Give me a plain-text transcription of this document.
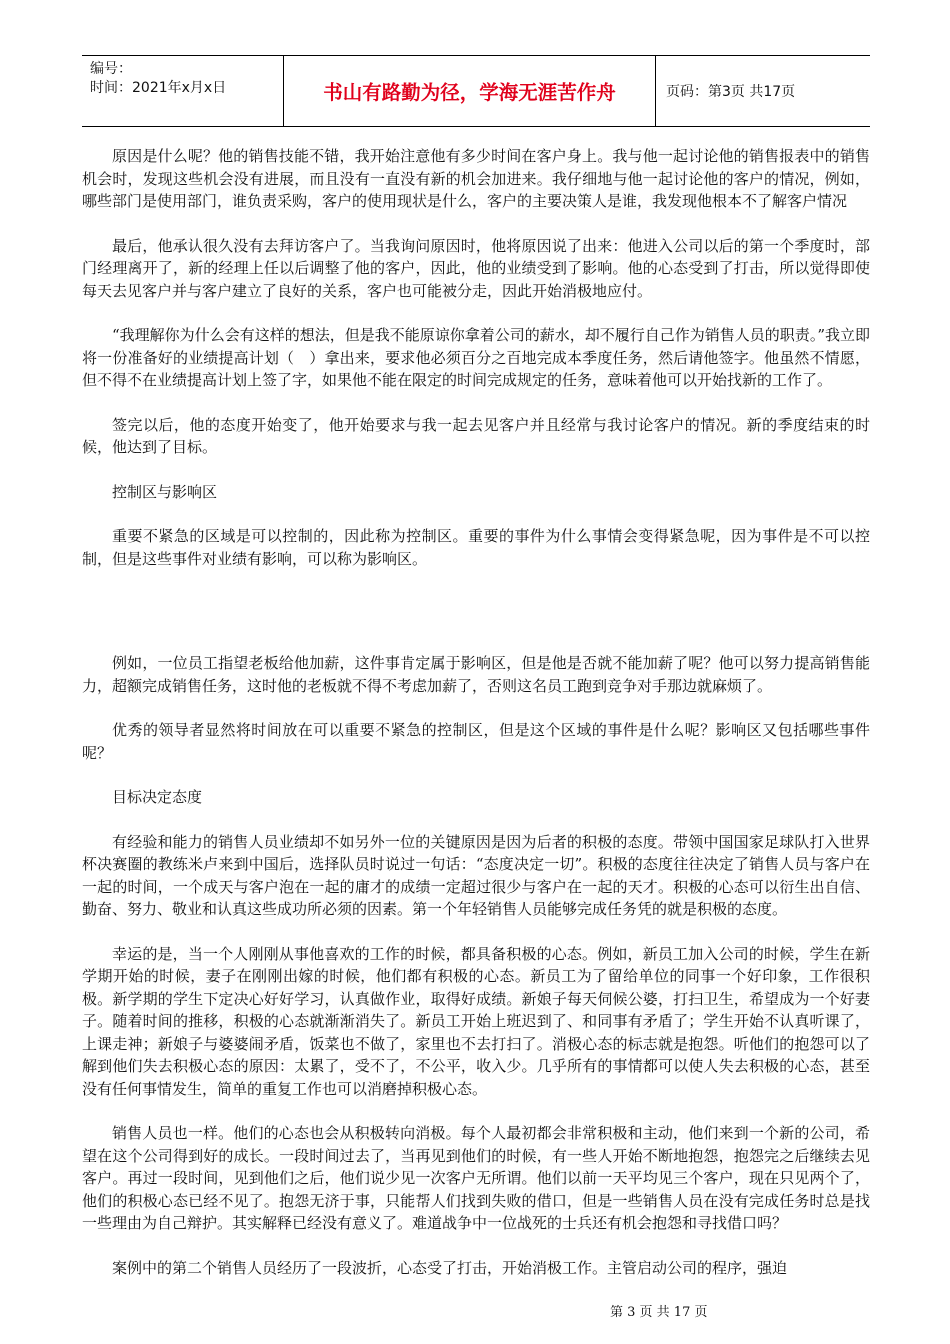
编号：
时间：2021年x月x日	书山有路勤为径，学海无涯苦作舟	页码：第3页 共17页

原因是什么呢？他的销售技能不错，我开始注意他有多少时间在客户身上。我与他一起讨论他的销售报表中的销售机会时，发现这些机会没有进展，而且没有一直没有新的机会加进来。我仔细地与他一起讨论他的客户的情况，例如，哪些部门是使用部门，谁负责采购，客户的使用现状是什么，客户的主要决策人是谁，我发现他根本不了解客户情况

最后，他承认很久没有去拜访客户了。当我询问原因时，他将原因说了出来：他进入公司以后的第一个季度时，部门经理离开了，新的经理上任以后调整了他的客户，因此，他的业绩受到了影响。他的心态受到了打击，所以觉得即使每天去见客户并与客户建立了良好的关系，客户也可能被分走，因此开始消极地应付。

“我理解你为什么会有这样的想法，但是我不能原谅你拿着公司的薪水，却不履行自己作为销售人员的职责。”我立即将一份准备好的业绩提高计划（　）拿出来，要求他必须百分之百地完成本季度任务，然后请他签字。他虽然不情愿，但不得不在业绩提高计划上签了字，如果他不能在限定的时间完成规定的任务，意味着他可以开始找新的工作了。

签完以后，他的态度开始变了，他开始要求与我一起去见客户并且经常与我讨论客户的情况。新的季度结束的时候，他达到了目标。

控制区与影响区

重要不紧急的区域是可以控制的，因此称为控制区。重要的事件为什么事情会变得紧急呢，因为事件是不可以控制，但是这些事件对业绩有影响，可以称为影响区。

例如，一位员工指望老板给他加薪，这件事肯定属于影响区，但是他是否就不能加薪了呢？他可以努力提高销售能力，超额完成销售任务，这时他的老板就不得不考虑加薪了，否则这名员工跑到竞争对手那边就麻烦了。

优秀的领导者显然将时间放在可以重要不紧急的控制区，但是这个区域的事件是什么呢？影响区又包括哪些事件呢？

目标决定态度

有经验和能力的销售人员业绩却不如另外一位的关键原因是因为后者的积极的态度。带领中国国家足球队打入世界杯决赛圈的教练米卢来到中国后，选择队员时说过一句话：“态度决定一切”。积极的态度往往决定了销售人员与客户在一起的时间，一个成天与客户泡在一起的庸才的成绩一定超过很少与客户在一起的天才。积极的心态可以衍生出自信、勤奋、努力、敬业和认真这些成功所必须的因素。第一个年轻销售人员能够完成任务凭的就是积极的态度。

幸运的是，当一个人刚刚从事他喜欢的工作的时候，都具备积极的心态。例如，新员工加入公司的时候，学生在新学期开始的时候，妻子在刚刚出嫁的时候，他们都有积极的心态。新员工为了留给单位的同事一个好印象，工作很积极。新学期的学生下定决心好好学习，认真做作业，取得好成绩。新娘子每天伺候公婆，打扫卫生，希望成为一个好妻子。随着时间的推移，积极的心态就渐渐消失了。新员工开始上班迟到了、和同事有矛盾了；学生开始不认真听课了，上课走神；新娘子与婆婆闹矛盾，饭菜也不做了，家里也不去打扫了。消极心态的标志就是抱怨。听他们的抱怨可以了解到他们失去积极心态的原因：太累了，受不了，不公平，收入少。几乎所有的事情都可以使人失去积极的心态，甚至没有任何事情发生，简单的重复工作也可以消磨掉积极心态。

销售人员也一样。他们的心态也会从积极转向消极。每个人最初都会非常积极和主动，他们来到一个新的公司，希望在这个公司得到好的成长。一段时间过去了，当再见到他们的时候，有一些人开始不断地抱怨，抱怨完之后继续去见客户。再过一段时间，见到他们之后，他们说少见一次客户无所谓。他们以前一天平均见三个客户，现在只见两个了，他们的积极心态已经不见了。抱怨无济于事，只能帮人们找到失败的借口，但是一些销售人员在没有完成任务时总是找一些理由为自己辩护。其实解释已经没有意义了。难道战争中一位战死的士兵还有机会抱怨和寻找借口吗？

案例中的第二个销售人员经历了一段波折，心态受了打击，开始消极工作。主管启动公司的程序，强迫

第 3 页 共 17 页
